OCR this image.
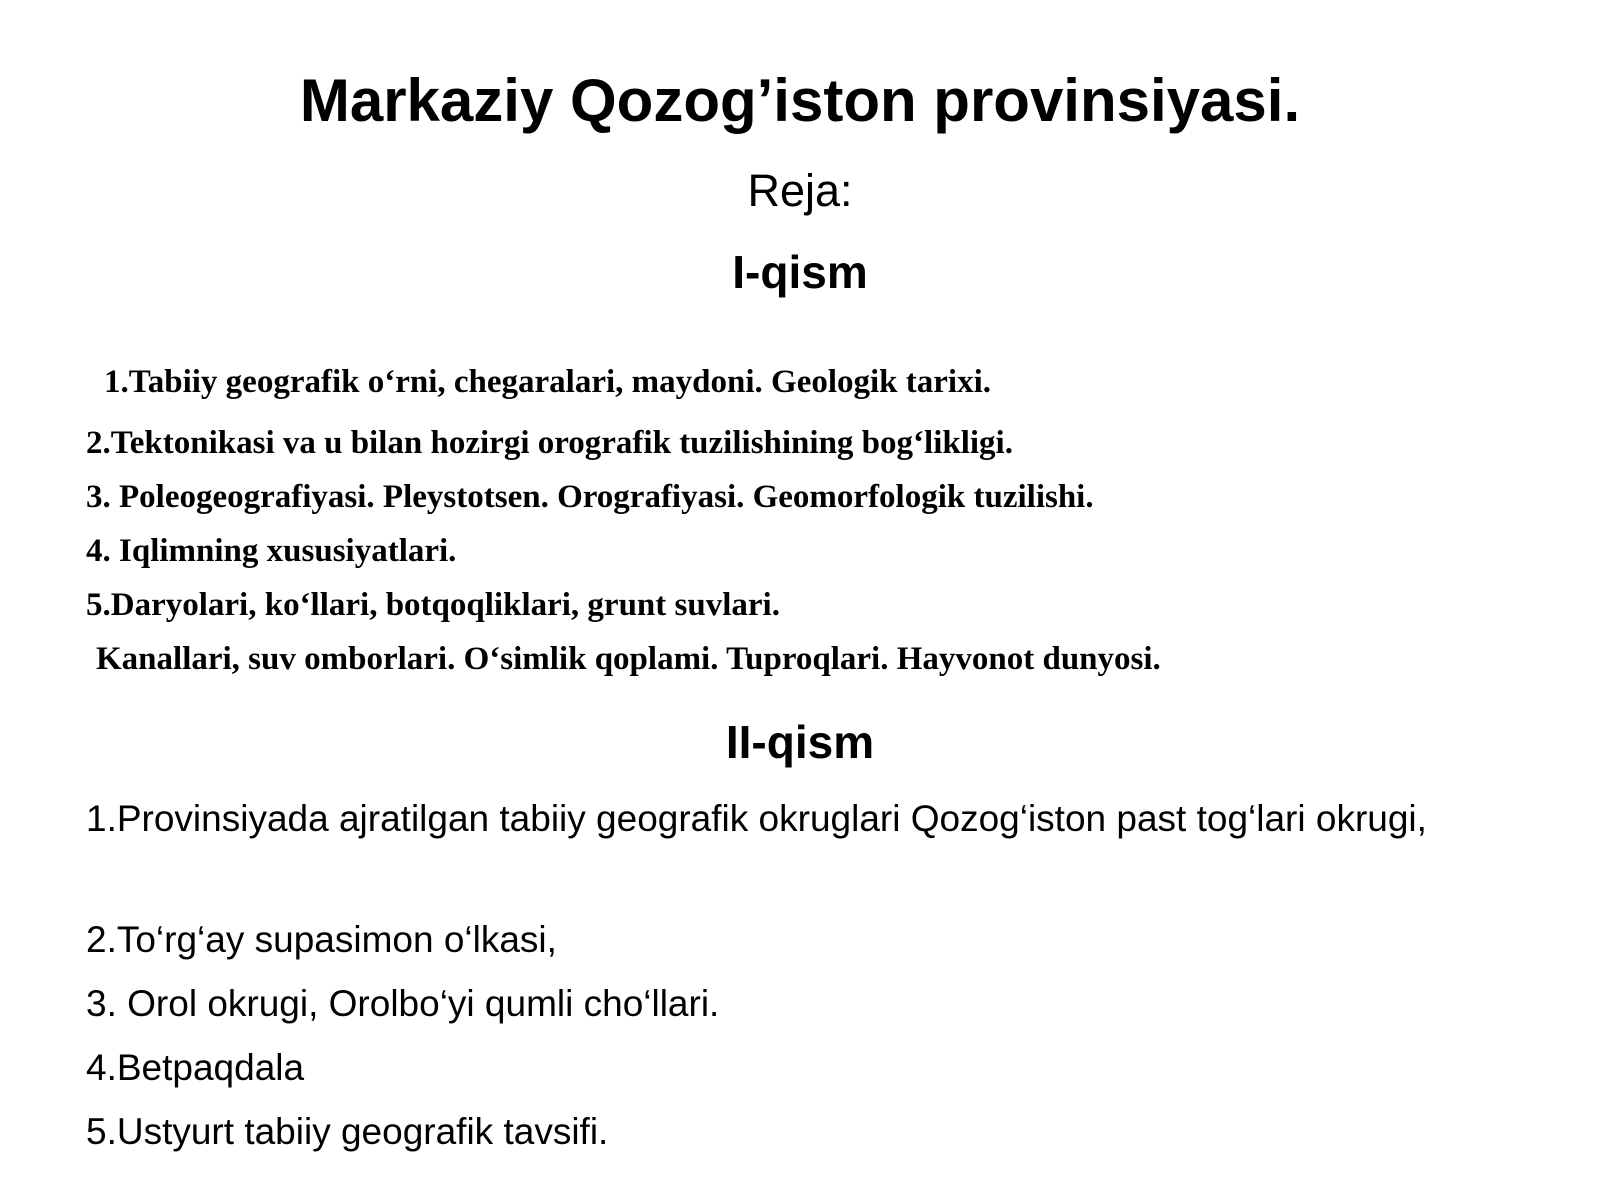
Markaziy Qozog’iston provinsiyasi.
Reja:
I-qism
1.Tabiiy geografik o‘rni, chegaralari, maydoni. Geologik tarixi.
2.Tektonikasi va u bilan hozirgi orografik tuzilishining bog‘likligi.
3. Poleogeografiyasi. Pleystotsen. Orografiyasi. Geomorfologik tuzilishi.
4. Iqlimning xususiyatlari.
5.Daryolari, ko‘llari, botqoqliklari, grunt suvlari.
Kanallari, suv omborlari. O‘simlik qoplami. Tuproqlari. Hayvonot dunyosi.
II-qism
1.Provinsiyada ajratilgan tabiiy geografik okruglari Qozog‘iston past tog‘lari okrugi,
2.To‘rg‘ay supasimon o‘lkasi,
3. Orol okrugi, Orolbo‘yi qumli cho‘llari.
4.Betpaqdala
5.Ustyurt tabiiy geografik tavsifi.
